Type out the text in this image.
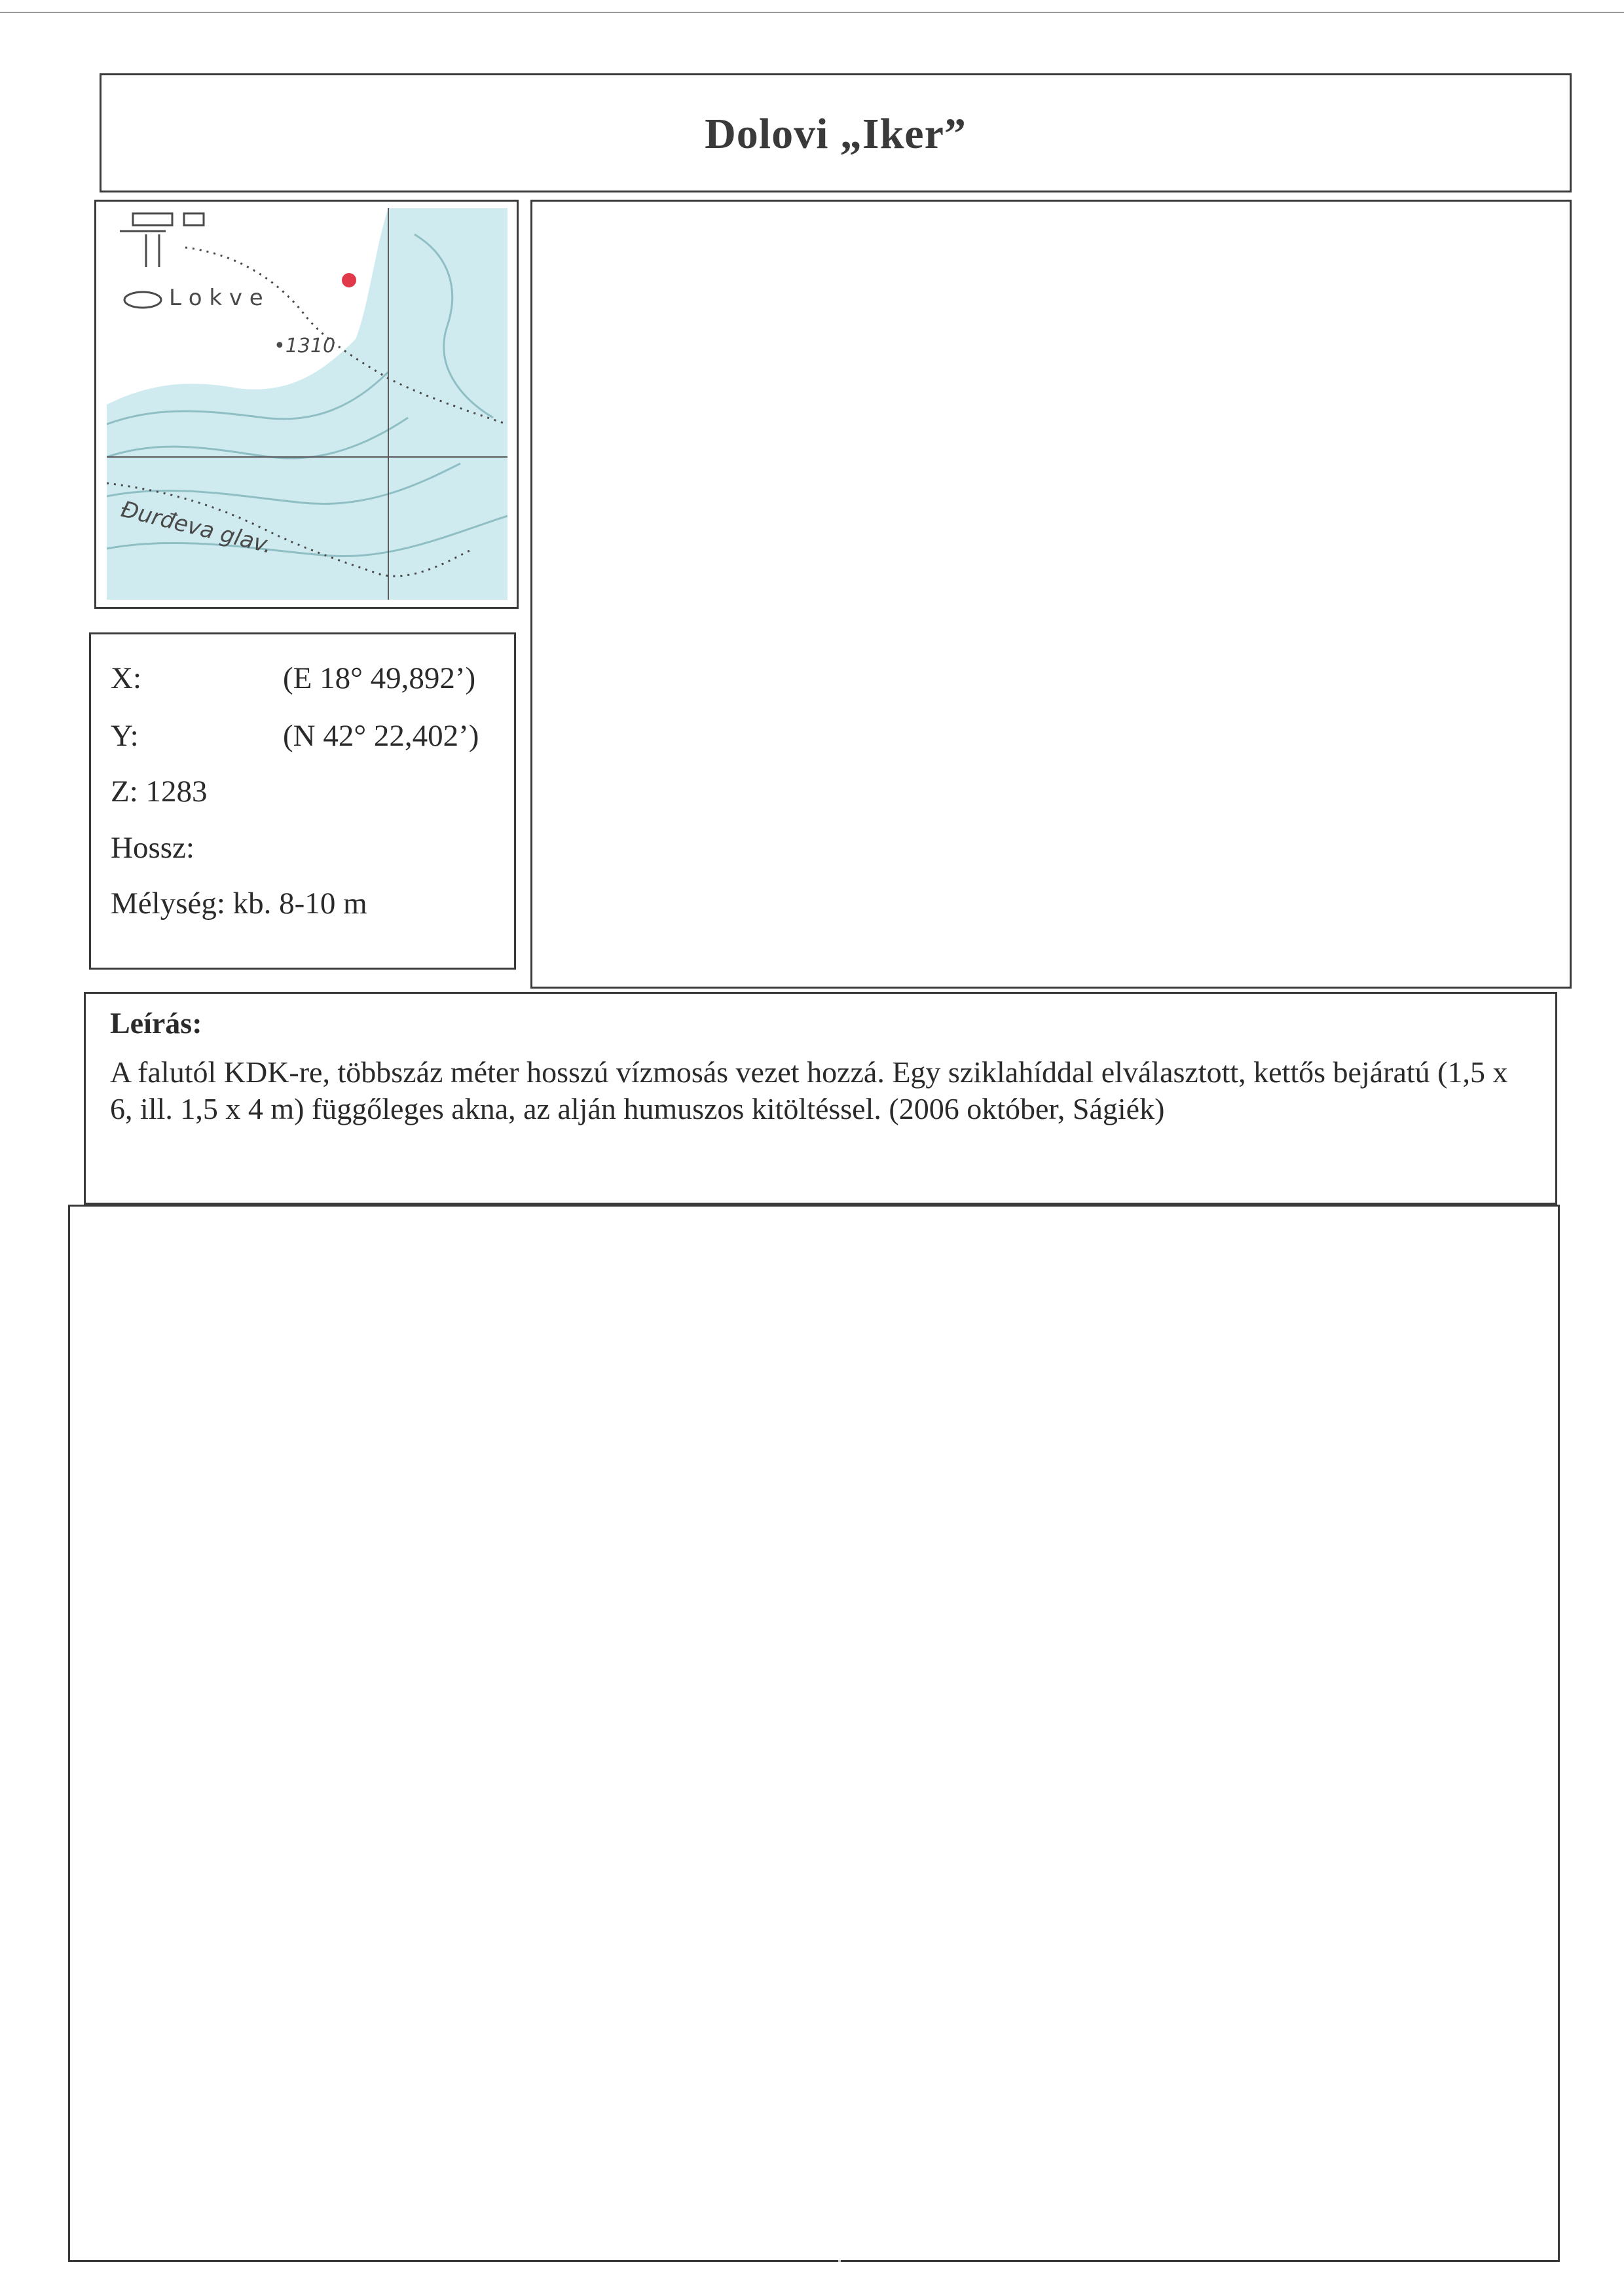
Dolovi „Iker”
L o k v e
•1310
Đurđeva glav.
X:	(E 18° 49,892’)
Y:	(N 42° 22,402’)
Z: 1283
Hossz:
Mélység: kb. 8-10 m
Leírás:
A falutól KDK-re, többszáz méter hosszú vízmosás vezet hozzá. Egy sziklahíddal elválasztott, kettős bejáratú (1,5 x 6, ill. 1,5 x 4 m) függőleges akna, az alján humuszos kitöltéssel. (2006 október, Ságiék)
